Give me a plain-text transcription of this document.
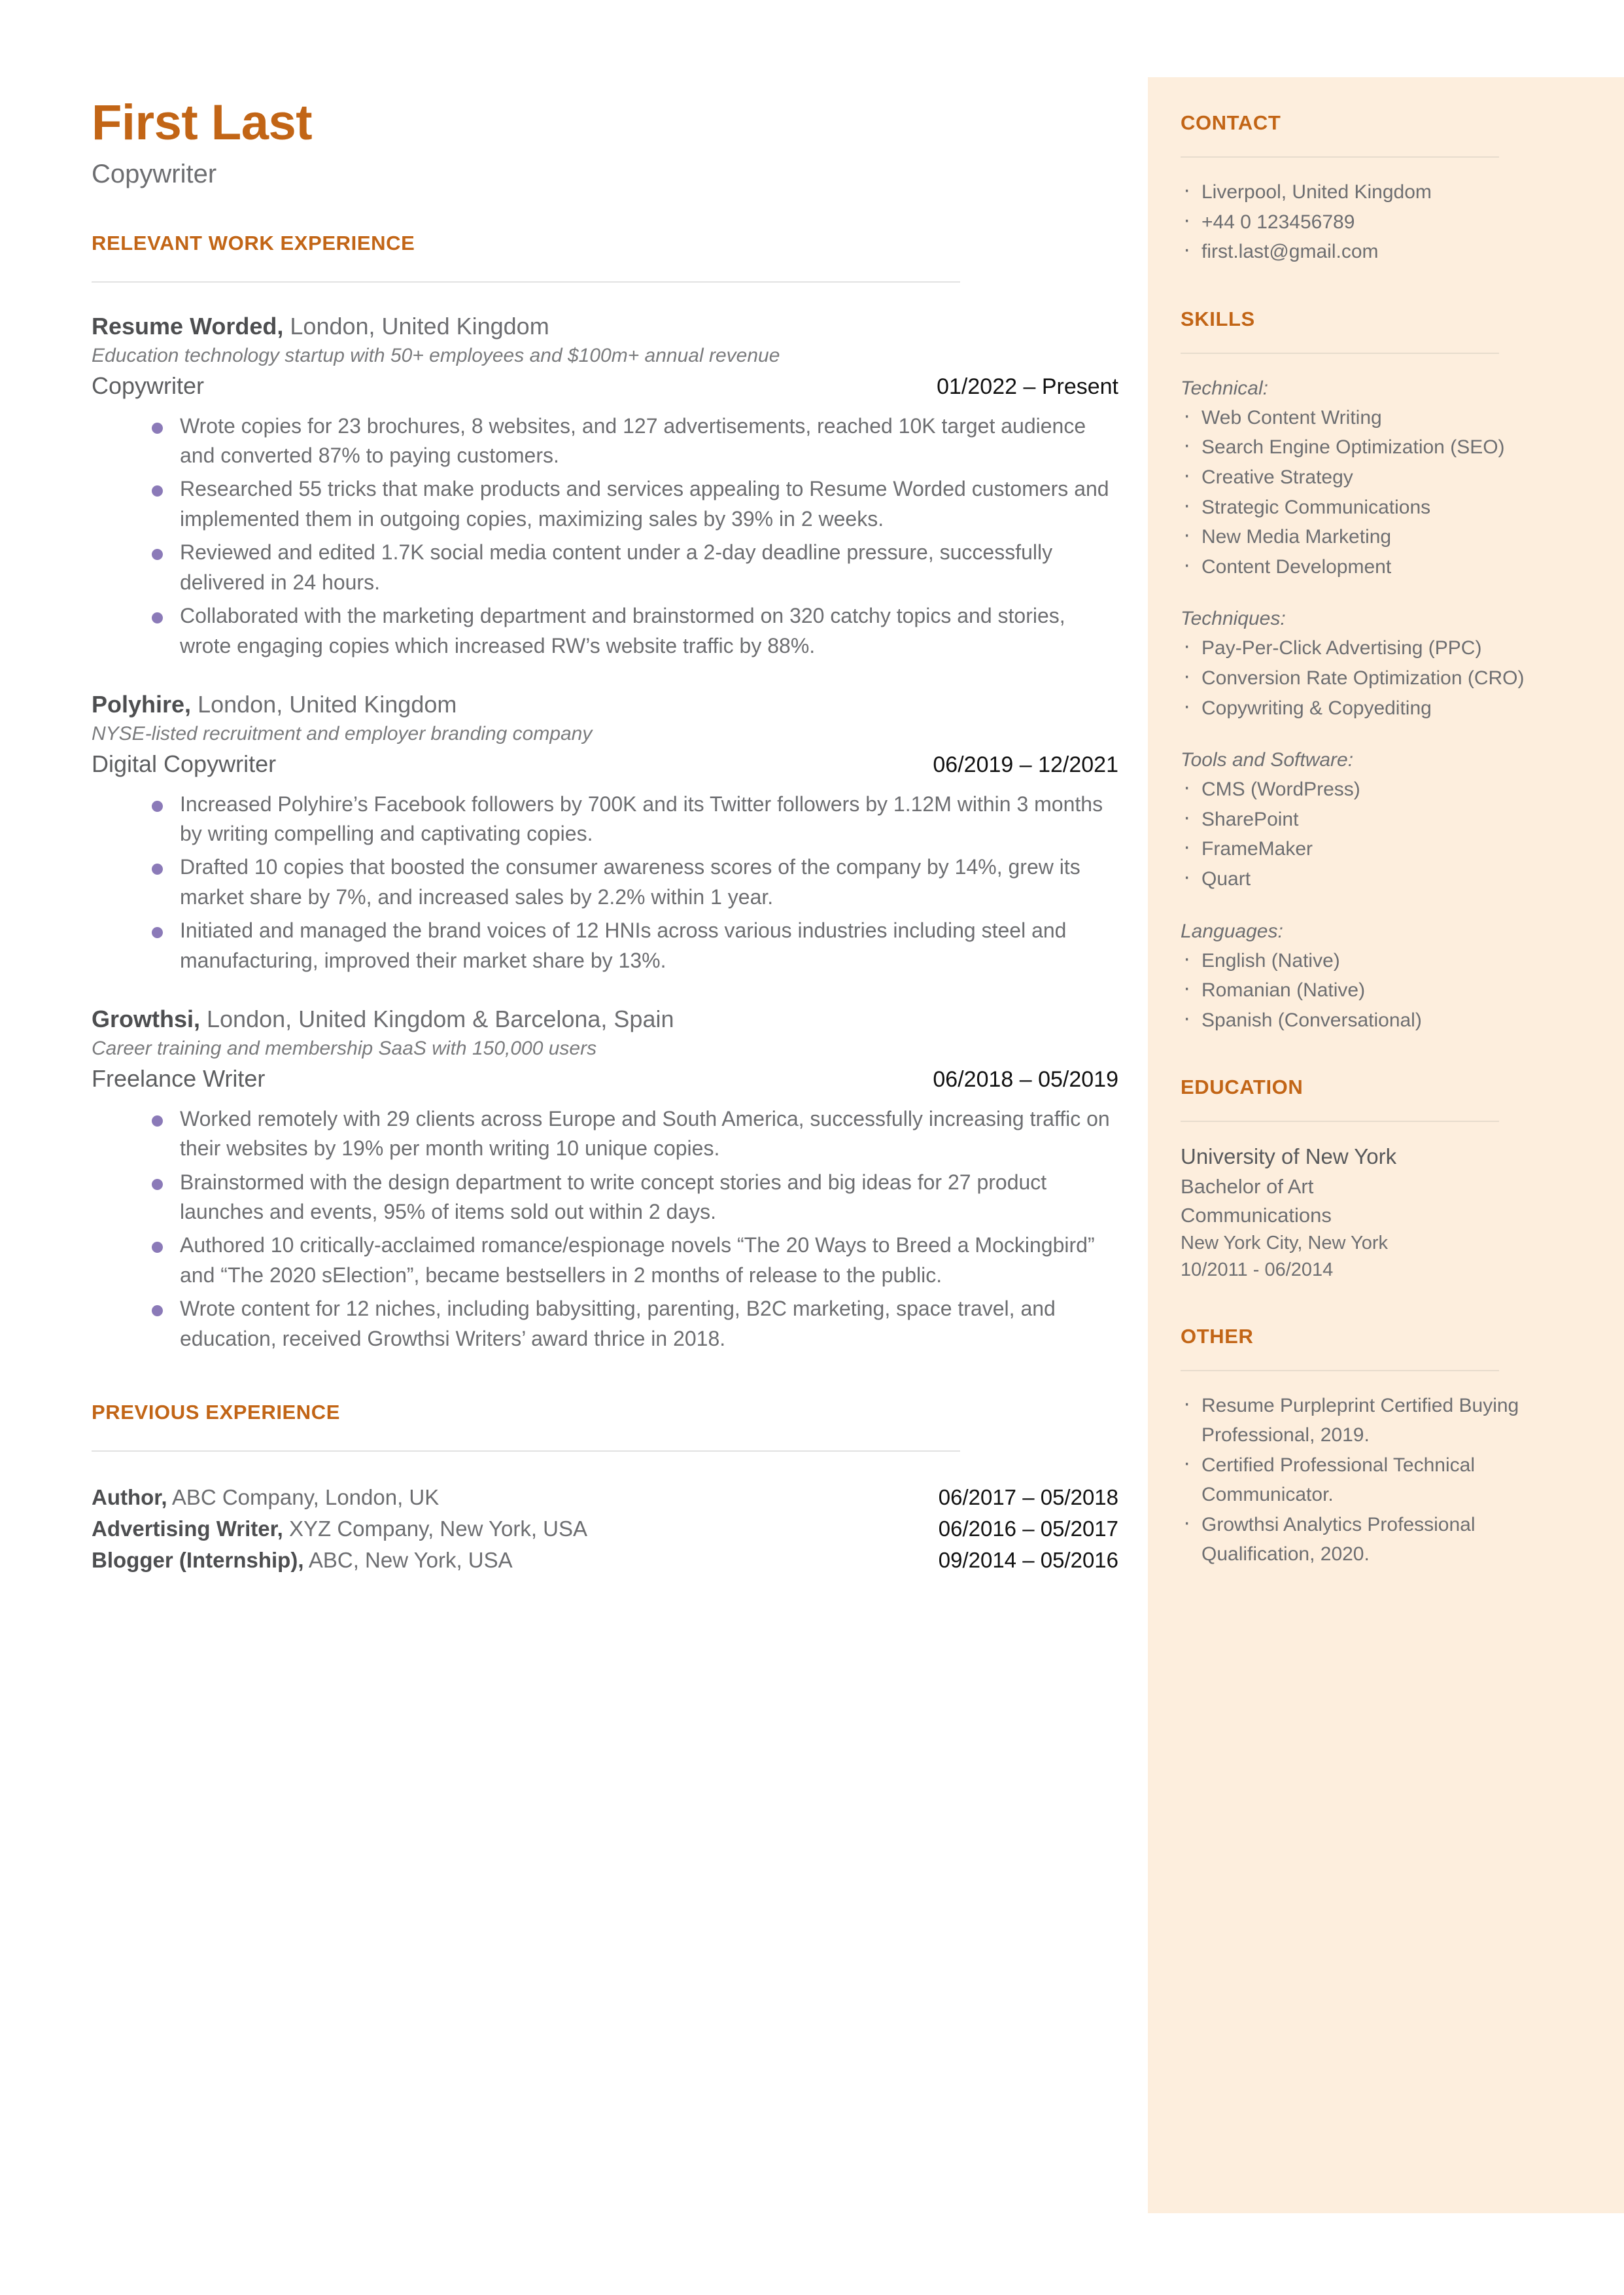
First Last
Copywriter
RELEVANT WORK EXPERIENCE
Resume Worded, London, United Kingdom
Education technology startup with 50+ employees and $100m+ annual revenue
Copywriter	01/2022 – Present
Wrote copies for 23 brochures, 8 websites, and 127 advertisements, reached 10K target audience and converted 87% to paying customers.
Researched 55 tricks that make products and services appealing to Resume Worded customers and implemented them in outgoing copies, maximizing sales by 39% in 2 weeks.
Reviewed and edited 1.7K social media content under a 2-day deadline pressure, successfully delivered in 24 hours.
Collaborated with the marketing department and brainstormed on 320 catchy topics and stories, wrote engaging copies which increased RW’s website traffic by 88%.
Polyhire, London, United Kingdom
NYSE-listed recruitment and employer branding company
Digital Copywriter	06/2019 – 12/2021
Increased Polyhire’s Facebook followers by 700K and its Twitter followers by 1.12M within 3 months by writing compelling and captivating copies.
Drafted 10 copies that boosted the consumer awareness scores of the company by 14%, grew its market share by 7%, and increased sales by 2.2% within 1 year.
Initiated and managed the brand voices of 12 HNIs across various industries including steel and manufacturing, improved their market share by 13%.
Growthsi, London, United Kingdom & Barcelona, Spain
Career training and membership SaaS with 150,000 users
Freelance Writer	06/2018 – 05/2019
Worked remotely with 29 clients across Europe and South America, successfully increasing traffic on their websites by 19% per month writing 10 unique copies.
Brainstormed with the design department to write concept stories and big ideas for 27 product launches and events, 95% of items sold out within 2 days.
Authored 10 critically-acclaimed romance/espionage novels “The 20 Ways to Breed a Mockingbird” and “The 2020 sElection”, became bestsellers in 2 months of release to the public.
Wrote content for 12 niches, including babysitting, parenting, B2C marketing, space travel, and education, received Growthsi Writers’ award thrice in 2018.
PREVIOUS EXPERIENCE
Author, ABC Company, London, UK	06/2017 – 05/2018
Advertising Writer, XYZ Company, New York, USA	06/2016 – 05/2017
Blogger (Internship), ABC, New York, USA	09/2014 – 05/2016
CONTACT
· Liverpool, United Kingdom
· +44 0 123456789
· first.last@gmail.com
SKILLS
Technical:
· Web Content Writing
· Search Engine Optimization (SEO)
· Creative Strategy
· Strategic Communications
· New Media Marketing
· Content Development
Techniques:
· Pay-Per-Click Advertising (PPC)
· Conversion Rate Optimization (CRO)
· Copywriting & Copyediting
Tools and Software:
· CMS (WordPress)
· SharePoint
· FrameMaker
· Quart
Languages:
· English (Native)
· Romanian (Native)
· Spanish (Conversational)
EDUCATION
University of New York
Bachelor of Art
Communications
New York City, New York
10/2011 - 06/2014
OTHER
· Resume Purpleprint Certified Buying Professional, 2019.
· Certified Professional Technical Communicator.
· Growthsi Analytics Professional Qualification, 2020.
